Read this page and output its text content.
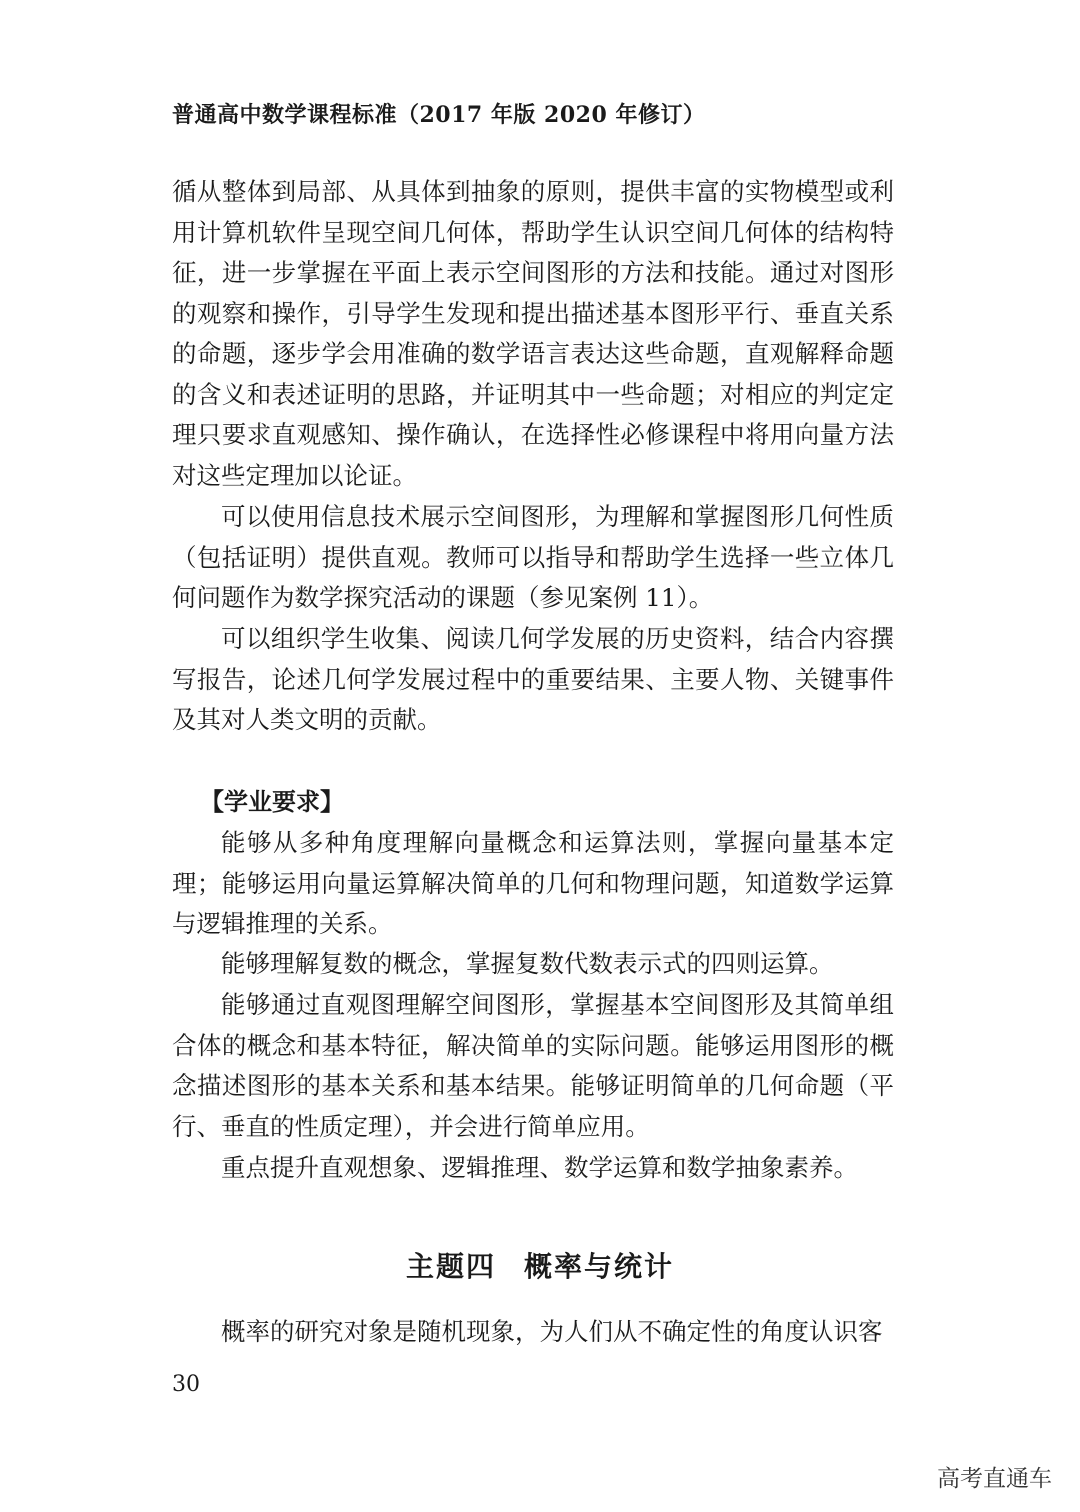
普通高中数学课程标准（2017 年版 2020 年修订）

循从整体到局部、从具体到抽象的原则，提供丰富的实物模型或利用计算机软件呈现空间几何体，帮助学生认识空间几何体的结构特征，进一步掌握在平面上表示空间图形的方法和技能。通过对图形的观察和操作，引导学生发现和提出描述基本图形平行、垂直关系的命题，逐步学会用准确的数学语言表达这些命题，直观解释命题的含义和表述证明的思路，并证明其中一些命题；对相应的判定定理只要求直观感知、操作确认，在选择性必修课程中将用向量方法对这些定理加以论证。

可以使用信息技术展示空间图形，为理解和掌握图形几何性质（包括证明）提供直观。教师可以指导和帮助学生选择一些立体几何问题作为数学探究活动的课题（参见案例 11）。

可以组织学生收集、阅读几何学发展的历史资料，结合内容撰写报告，论述几何学发展过程中的重要结果、主要人物、关键事件及其对人类文明的贡献。

【学业要求】

能够从多种角度理解向量概念和运算法则，掌握向量基本定理；能够运用向量运算解决简单的几何和物理问题，知道数学运算与逻辑推理的关系。

能够理解复数的概念，掌握复数代数表示式的四则运算。

能够通过直观图理解空间图形，掌握基本空间图形及其简单组合体的概念和基本特征，解决简单的实际问题。能够运用图形的概念描述图形的基本关系和基本结果。能够证明简单的几何命题（平行、垂直的性质定理），并会进行简单应用。

重点提升直观想象、逻辑推理、数学运算和数学抽象素养。

主题四 概率与统计

概率的研究对象是随机现象，为人们从不确定性的角度认识客

30
高考直通车
